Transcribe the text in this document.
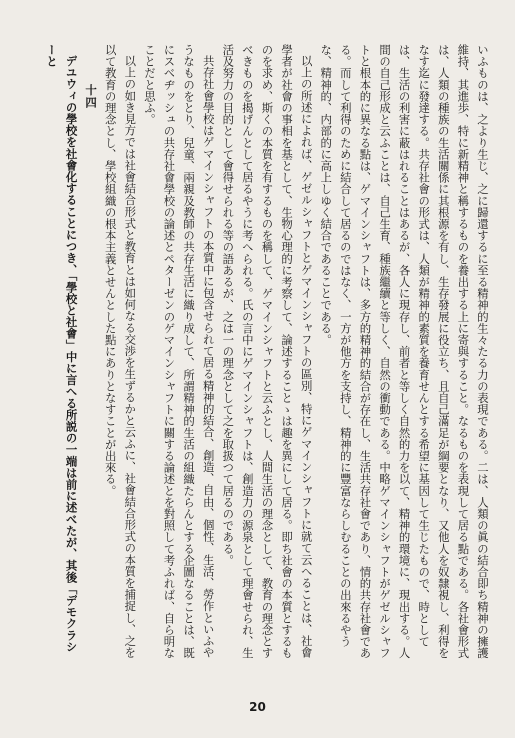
いふものは、之より生じ、之に歸還するに至る精神的生々たる力の表現である。二は、人類の眞の結合即ち精神の擁護維持、其進歩、特に新精神と稱するものを養出する上に寄與すること。なるものを表現して居る點である。各社會形式は、人類の種族の生活關係に其根源を有し、生存發展に役立ち、且自己滿足が綱要となり、又他人を奴隸視し、利得をなす迄に發達する。共存社會の形式は、人類が精神的素質を養育せんとする希望に基因して生じたもので、時としては、生活の利害に蔽はれることはあるが、各人に現存し、前者と等しく自然的力を以て、精神的環境に、現出する。人間の自己形成と云ふことは、自己生育、種族繼續と等しく、自然の衝動である。中略ゲマインシャフトがゲゼルシャフトと根本的に異なる點は、ゲマインシャフトは、多方的精神的結合が存在し、生活共存社會であり、情的共存社會である。而して利得のために結合して居るのではなく、一方が他方を支持し、精神的に豐富ならしむることの出來るやうな、精神的、内部的に高上しゆく結合であることである。

以上の所述によれば、ゲゼルシャフトとゲマインシャフトの區別、特にゲマインシャフトに就て云へることは、社會學者が社會の事相を基として、生物心理的に考察して、論述することゝは趣を異にして居る。即ち社會の本質とするものを求め、斯くの本質を有するものを稱して、ゲマインシャフトと云ふとし、人間生活の理念として、教育の理念とすべきものを揭げんとして居るやうに考へられる。氏の言中にゲマインシャフトは、創造力の源泉として理會せられ、生活及努力の目的として會得せられる等の語あるが、之は一の理念として之を取扱つて居るのである。

共存社會學校はゲマインシャフトの本質中に包含せられて居る精神的結合、創造、自由、個性、生活、勞作といふやうなものをとり、兒童、兩親及教師の共存生活に織り成して、所謂精神的生活の組織たらんとする企圖なることは、既にスベヂッシュの共存社會學校の論述とペターゼンのゲマインシャフトに關する論述とを對照して考ふれば、自ら明なことだと思ふ。

以上の如き見方では社會結合形式と教育とは如何なる交渉を生ずるかと云ふに、社會結合形式の本質を捕捉し、之を以て教育の理念とし、學校組織の根本主義とせんとした點にありとなすことが出來る。

十四

デユウィの學校を社會化することにつき、「學校と社會」中に言へる所説の一端は前に述べたが、其後「デモクラシーと

20
